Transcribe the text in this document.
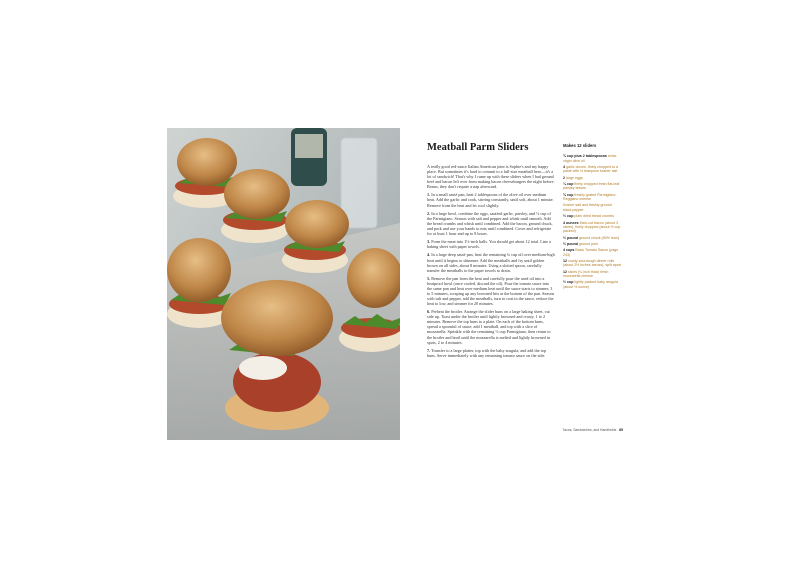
Meatball Parm Sliders

A really good red-sauce Italian American joint is Sophie's and my happy place. But sometimes it's hard to commit to a full-size meatball hero—it's a lot of sandwich! That's why I came up with these sliders when I had ground beef and bacon left over from making bacon cheeseburgers the night before. Bonus, they don't require a nap afterward.

1. In a small sauté pan, heat 2 tablespoons of the olive oil over medium heat. Add the garlic and cook, stirring constantly, until soft, about 1 minute. Remove from the heat and let cool slightly.

2. In a large bowl, combine the eggs, sautéed garlic, parsley, and ⅓ cup of the Parmigiano. Season with salt and pepper and whisk until smooth. Add the bread crumbs and whisk until combined. Add the bacon, ground chuck, and pork and use your hands to mix until combined. Cover and refrigerate for at least 1 hour and up to 8 hours.

3. Form the meat into 1½-inch balls. You should get about 12 total. Line a baking sheet with paper towels.

4. In a large deep sauté pan, heat the remaining ¾ cup oil over medium-high heat until it begins to shimmer. Add the meatballs and fry until golden brown on all sides, about 8 minutes. Using a slotted spoon, carefully transfer the meatballs to the paper towels to drain.

5. Remove the pan from the heat and carefully pour the used oil into a heatproof bowl (once cooled, discard the oil). Pour the tomato sauce into the same pan and heat over medium heat until the sauce starts to simmer, 3 to 5 minutes, scraping up any browned bits at the bottom of the pan. Season with salt and pepper, add the meatballs, turn to coat in the sauce, reduce the heat to low, and simmer for 20 minutes.

6. Preheat the broiler. Arrange the slider buns on a large baking sheet, cut side up. Toast under the broiler until lightly browned and crusty, 1 to 2 minutes. Remove the top buns to a plate. On each of the bottom buns, spread a spoonful of sauce, add 1 meatball, and top with a slice of mozzarella. Sprinkle with the remaining ⅓ cup Parmigiano, then return to the broiler and broil until the mozzarella is melted and lightly browned in spots, 2 to 4 minutes.

7. Transfer to a large platter, top with the baby arugula, and add the top buns. Serve immediately with any remaining tomato sauce on the side.

Makes 12 sliders
¾ cup plus 2 tablespoons extra-virgin olive oil
4 garlic cloves, finely chopped to a paste with ½ teaspoon kosher salt
2 large eggs
¼ cup finely chopped fresh flat-leaf parsley leaves
¾ cup freshly grated Parmigiano-Reggiano cheese
Kosher salt and freshly ground black pepper
½ cup plain dried bread crumbs
4 ounces thick-cut bacon (about 3 slices), finely chopped (about ½ cup packed)
½ pound ground chuck (80% lean)
½ pound ground pork
4 cups Basic Tomato Sauce (page 243)
12 crusty sourdough dinner rolls (about 2½ inches across), split apart
12 slices (¼ inch thick) fresh mozzarella cheese
½ cup lightly packed baby arugula (about ½ ounce)
Tacos, Sandwiches, and Handhelds 89
